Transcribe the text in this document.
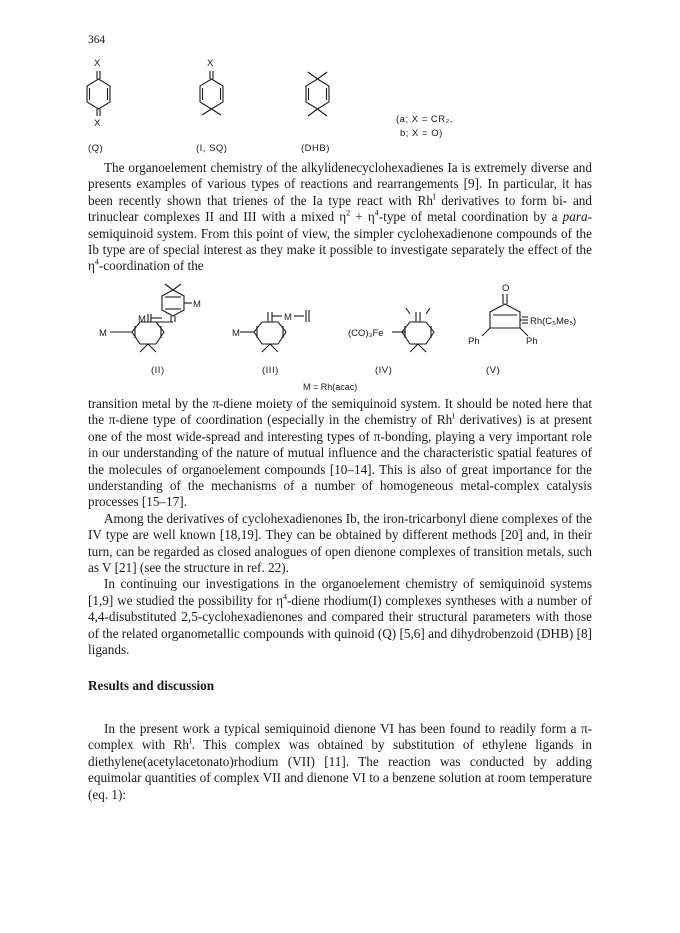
364
X
X
X
(Q)	(I, SQ)	(DHB)
(a; X = CR₂,
b; X = O)

The organoelement chemistry of the alkylidenecyclohexadienes Ia is extremely diverse and presents examples of various types of reactions and rearrangements [9]. In particular, it has been recently shown that trienes of the Ia type react with $Rh^I$ derivatives to form bi- and trinuclear complexes II and III with a mixed $\eta^2$ + $\eta^4$-type of metal coordination by a para-semiquinoid system. From this point of view, the simpler cyclohexadienone compounds of the Ib type are of special interest as they make it possible to investigate separately the effect of the $\eta^4$-coordination of the

M
M
M
M
M	(CO)₃Fe
O
Rh(C₅Me₅)
Ph	Ph
(II)	(III)	(IV)	(V)
M = Rh(acac)

transition metal by the π-diene moiety of the semiquinoid system. It should be noted here that the π-diene type of coordination (especially in the chemistry of $Rh^I$ derivatives) is at present one of the most wide-spread and interesting types of π-bonding, playing a very important role in our understanding of the nature of mutual influence and the characteristic spatial features of the molecules of organoelement compounds [10–14]. This is also of great importance for the understanding of the mechanisms of a number of homogeneous metal-complex catalysis processes [15–17].

Among the derivatives of cyclohexadienones Ib, the iron-tricarbonyl diene complexes of the IV type are well known [18,19]. They can be obtained by different methods [20] and, in their turn, can be regarded as closed analogues of open dienone complexes of transition metals, such as V [21] (see the structure in ref. 22).

In continuing our investigations in the organoelement chemistry of semiquinoid systems [1,9] we studied the possibility for $\eta^4$-diene rhodium(I) complexes syntheses with a number of 4,4-disubstituted 2,5-cyclohexadienones and compared their structural parameters with those of the related organometallic compounds with quinoid (Q) [5,6] and dihydrobenzoid (DHB) [8] ligands.

Results and discussion

In the present work a typical semiquinoid dienone VI has been found to readily form a π-complex with $Rh^I$. This complex was obtained by substitution of ethylene ligands in diethylene(acetylacetonato)rhodium (VII) [11]. The reaction was conducted by adding equimolar quantities of complex VII and dienone VI to a benzene solution at room temperature (eq. 1):
